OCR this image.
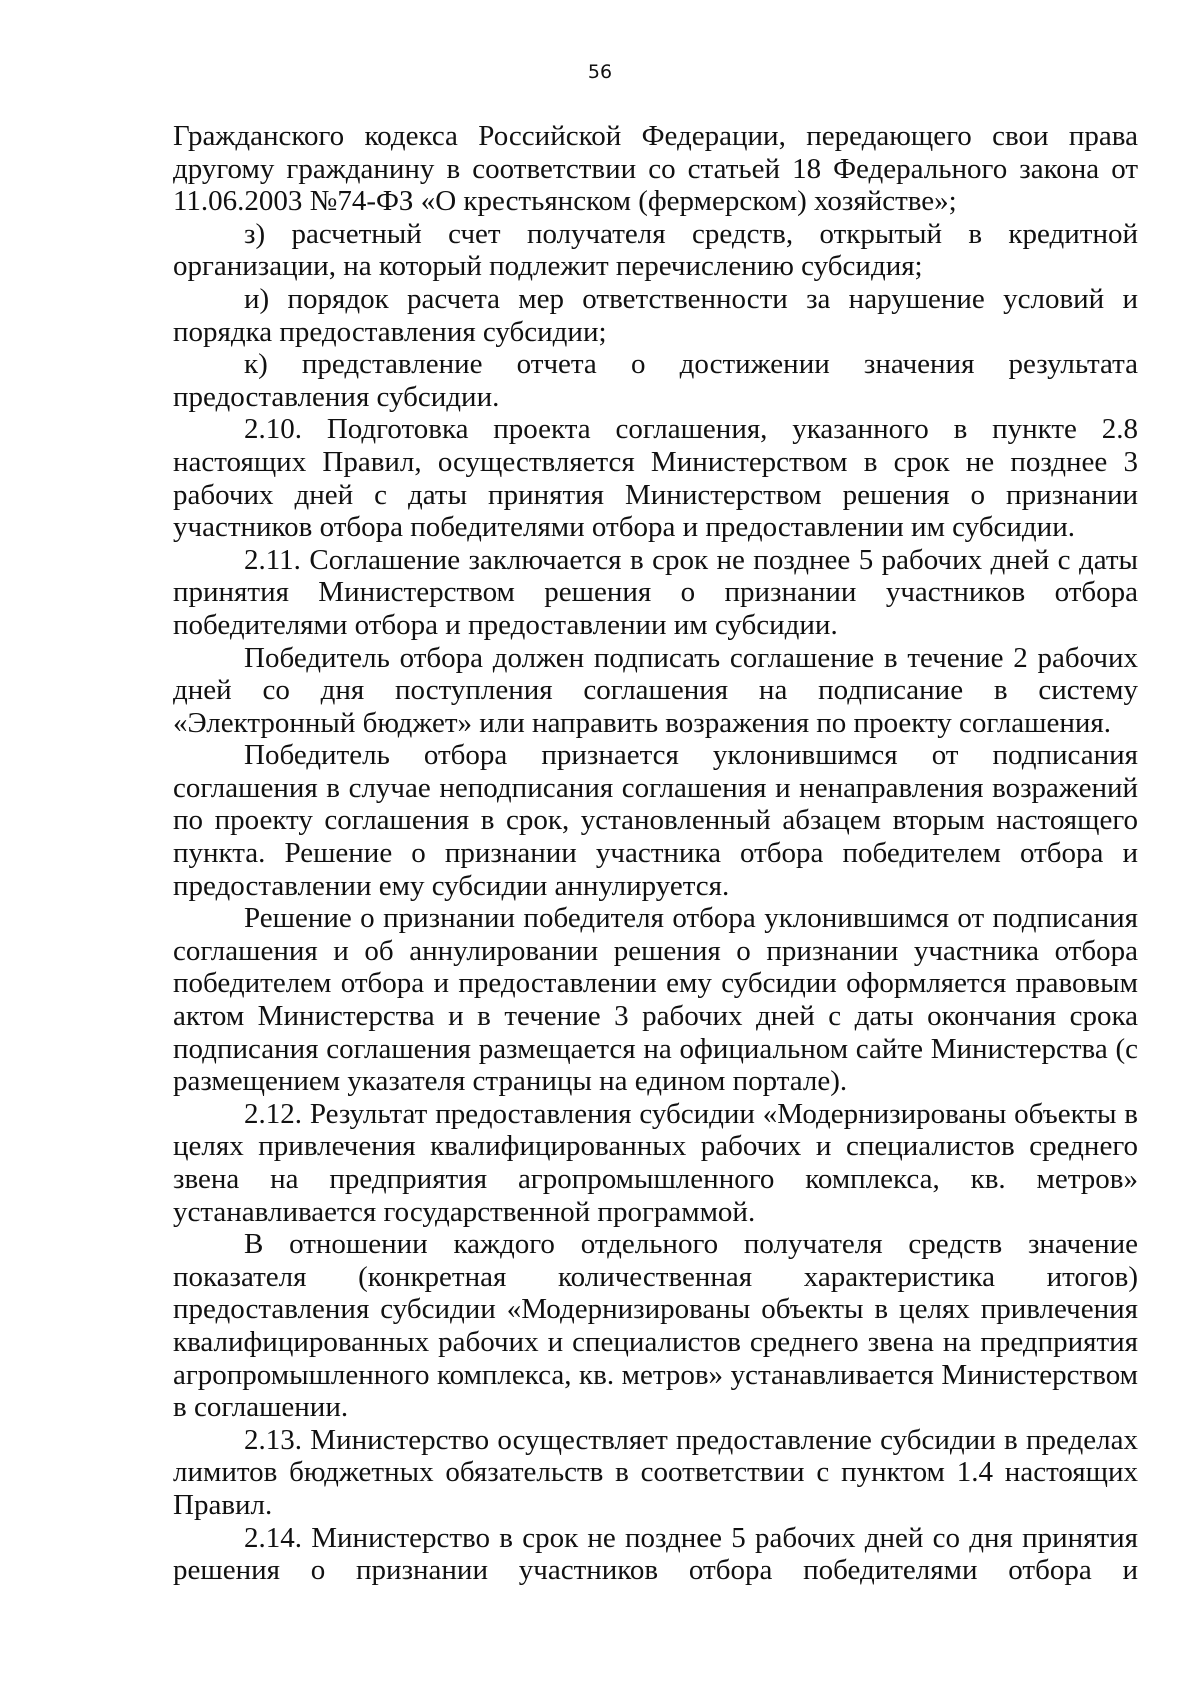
56

Гражданского кодекса Российской Федерации, передающего свои права другому гражданину в соответствии со статьей 18 Федерального закона от 11.06.2003 №74-ФЗ «О крестьянском (фермерском) хозяйстве»;

з) расчетный счет получателя средств, открытый в кредитной организации, на который подлежит перечислению субсидия;

и) порядок расчета мер ответственности за нарушение условий и порядка предоставления субсидии;

к) представление отчета о достижении значения результата предоставления субсидии.

2.10. Подготовка проекта соглашения, указанного в пункте 2.8 настоящих Правил, осуществляется Министерством в срок не позднее 3 рабочих дней с даты принятия Министерством решения о признании участников отбора победителями отбора и предоставлении им субсидии.

2.11. Соглашение заключается в срок не позднее 5 рабочих дней с даты принятия Министерством решения о признании участников отбора победителями отбора и предоставлении им субсидии.

Победитель отбора должен подписать соглашение в течение 2 рабочих дней со дня поступления соглашения на подписание в систему «Электронный бюджет» или направить возражения по проекту соглашения.

Победитель отбора признается уклонившимся от подписания соглашения в случае неподписания соглашения и ненаправления возражений по проекту соглашения в срок, установленный абзацем вторым настоящего пункта. Решение о признании участника отбора победителем отбора и предоставлении ему субсидии аннулируется.

Решение о признании победителя отбора уклонившимся от подписания соглашения и об аннулировании решения о признании участника отбора победителем отбора и предоставлении ему субсидии оформляется правовым актом Министерства и в течение 3 рабочих дней с даты окончания срока подписания соглашения размещается на официальном сайте Министерства (с размещением указателя страницы на едином портале).

2.12. Результат предоставления субсидии «Модернизированы объекты в целях привлечения квалифицированных рабочих и специалистов среднего звена на предприятия агропромышленного комплекса, кв. метров» устанавливается государственной программой.

В отношении каждого отдельного получателя средств значение показателя (конкретная количественная характеристика итогов) предоставления субсидии «Модернизированы объекты в целях привлечения квалифицированных рабочих и специалистов среднего звена на предприятия агропромышленного комплекса, кв. метров» устанавливается Министерством в соглашении.

2.13. Министерство осуществляет предоставление субсидии в пределах лимитов бюджетных обязательств в соответствии с пунктом 1.4 настоящих Правил.

2.14. Министерство в срок не позднее 5 рабочих дней со дня принятия решения о признании участников отбора победителями отбора и
